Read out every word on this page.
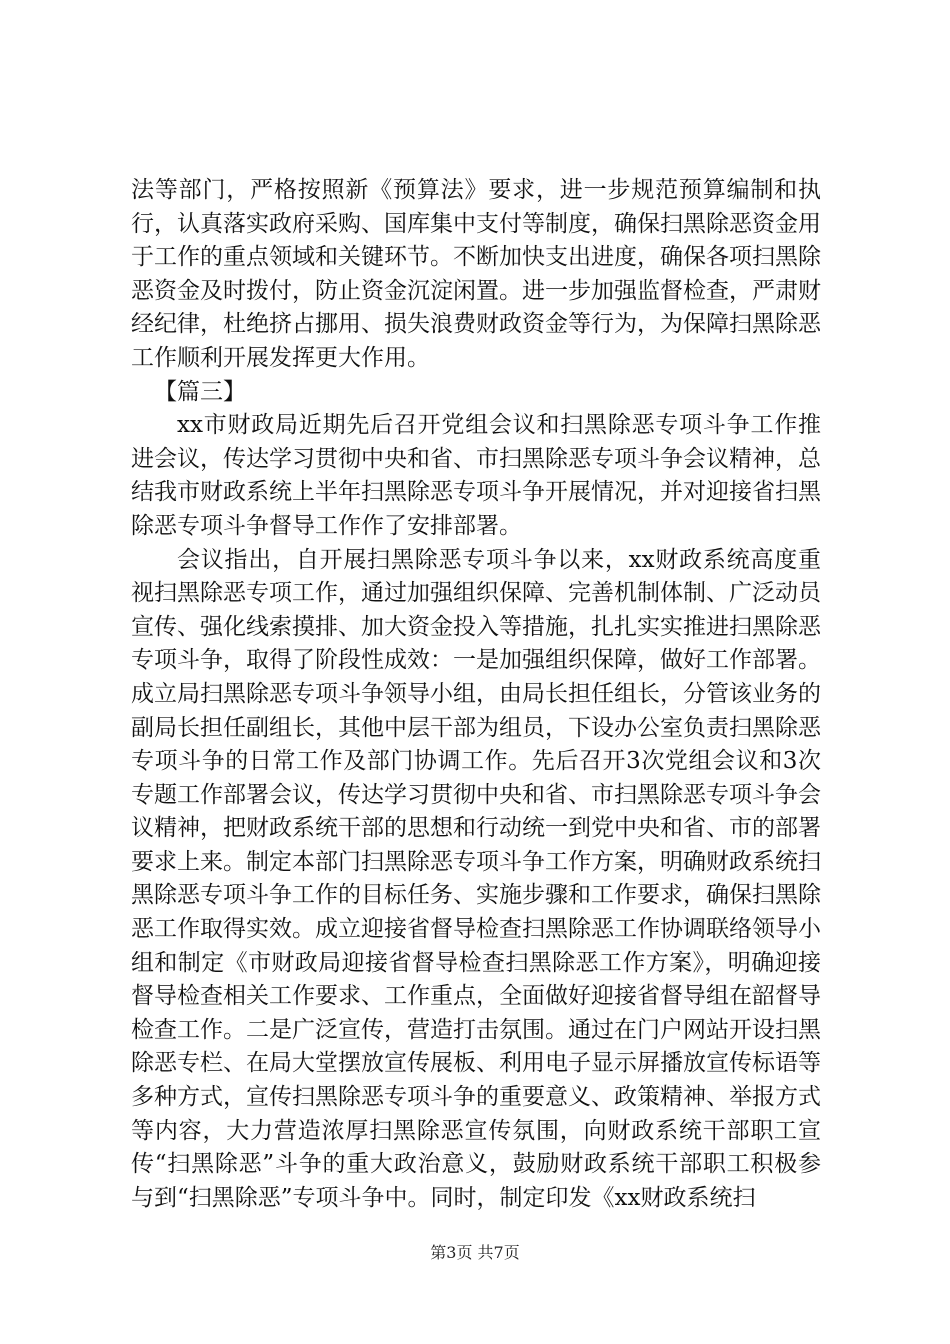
法等部门，严格按照新《预算法》要求，进一步规范预算编制和执行，认真落实政府采购、国库集中支付等制度，确保扫黑除恶资金用于工作的重点领域和关键环节。不断加快支出进度，确保各项扫黑除恶资金及时拨付，防止资金沉淀闲置。进一步加强监督检查，严肃财经纪律，杜绝挤占挪用、损失浪费财政资金等行为，为保障扫黑除恶工作顺利开展发挥更大作用。

【篇三】

xx市财政局近期先后召开党组会议和扫黑除恶专项斗争工作推进会议，传达学习贯彻中央和省、市扫黑除恶专项斗争会议精神，总结我市财政系统上半年扫黑除恶专项斗争开展情况，并对迎接省扫黑除恶专项斗争督导工作作了安排部署。

会议指出，自开展扫黑除恶专项斗争以来，xx财政系统高度重视扫黑除恶专项工作，通过加强组织保障、完善机制体制、广泛动员宣传、强化线索摸排、加大资金投入等措施，扎扎实实推进扫黑除恶专项斗争，取得了阶段性成效：一是加强组织保障，做好工作部署。成立局扫黑除恶专项斗争领导小组，由局长担任组长，分管该业务的副局长担任副组长，其他中层干部为组员，下设办公室负责扫黑除恶专项斗争的日常工作及部门协调工作。先后召开3次党组会议和3次专题工作部署会议，传达学习贯彻中央和省、市扫黑除恶专项斗争会议精神，把财政系统干部的思想和行动统一到党中央和省、市的部署要求上来。制定本部门扫黑除恶专项斗争工作方案，明确财政系统扫黑除恶专项斗争工作的目标任务、实施步骤和工作要求，确保扫黑除恶工作取得实效。成立迎接省督导检查扫黑除恶工作协调联络领导小组和制定《市财政局迎接省督导检查扫黑除恶工作方案》，明确迎接督导检查相关工作要求、工作重点，全面做好迎接省督导组在韶督导检查工作。二是广泛宣传，营造打击氛围。通过在门户网站开设扫黑除恶专栏、在局大堂摆放宣传展板、利用电子显示屏播放宣传标语等多种方式，宣传扫黑除恶专项斗争的重要意义、政策精神、举报方式等内容，大力营造浓厚扫黑除恶宣传氛围，向财政系统干部职工宣传“扫黑除恶”斗争的重大政治意义，鼓励财政系统干部职工积极参与到“扫黑除恶”专项斗争中。同时，制定印发《xx财政系统扫

第3页 共7页
